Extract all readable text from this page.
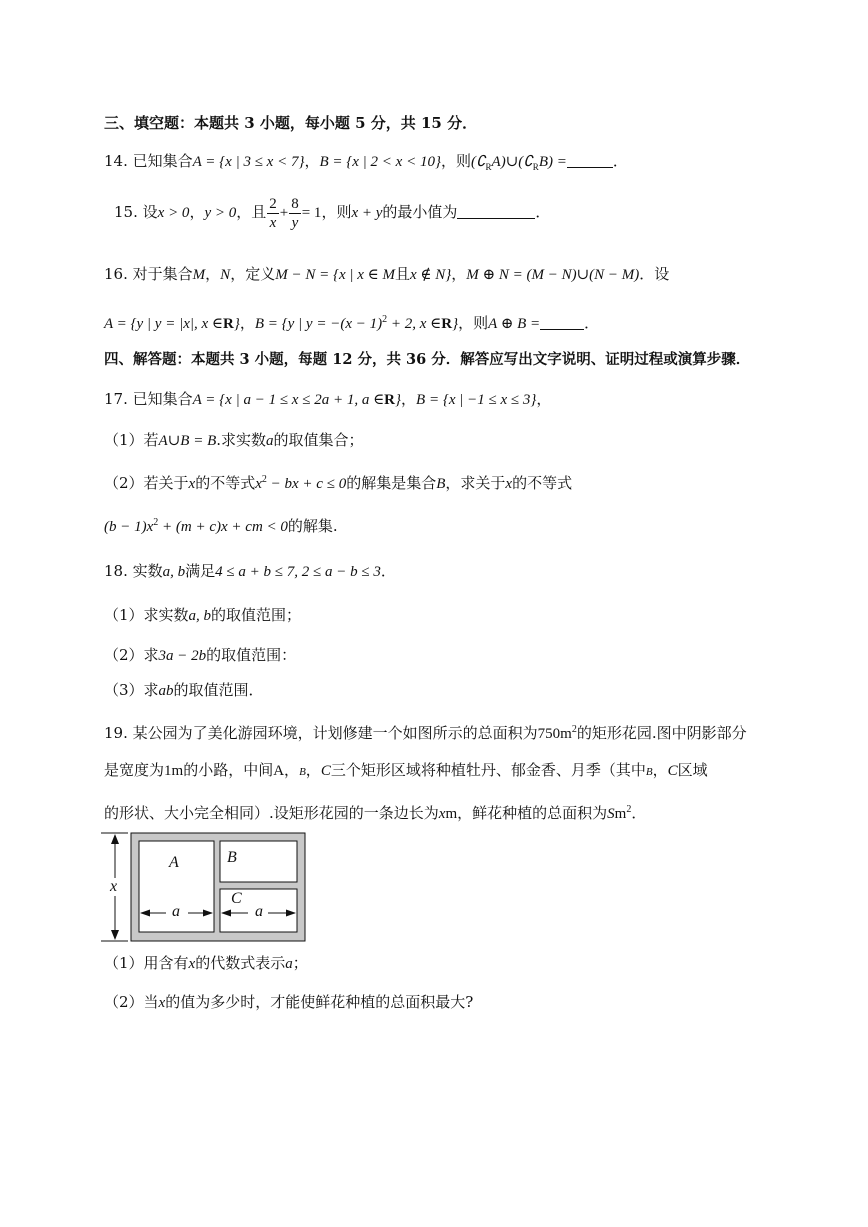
三、填空题：本题共 3 小题，每小题 5 分，共 15 分．
14. 已知集合A = {x | 3 ≤ x < 7}，B = {x | 2 < x < 10}，则$(∁_RA)\cup(∁_RB)$ =	．
15. 设x > 0，y > 0，且 $\frac{2}{x} + \frac{8}{y} = 1$，则x + y的最小值为	．
16. 对于集合M，N，定义M − N = {x | x ∈ M且x ∉ N}，M ⊕ N = (M − N)∪(N − M)．设
A = {y | y = |x|, x ∈R}，B = {y | $y = -(x - 1)^2 + 2$, x ∈R}，则A ⊕ B =	．
四、解答题：本题共 3 小题，每题 12 分，共 36 分．解答应写出文字说明、证明过程或演算步骤．
17. 已知集合A = {x | a − 1 ≤ x ≤ 2a + 1, a ∈R}，B = {x | −1 ≤ x ≤ 3}，
（1）若A∪B = B.求实数a的取值集合；
（2）若关于x的不等式$x^2$ − bx + c ≤ 0的解集是集合B，求关于x的不等式
$(b - 1)x^2 + (m + c)x$ + cm < 0的解集.
18. 实数a, b满足4 ≤ a + b ≤ 7, 2 ≤ a − b ≤ 3．
（1）求实数a, b的取值范围；
（2）求3a − 2b的取值范围：
（3）求ab的取值范围．
19. 某公园为了美化游园环境，计划修建一个如图所示的总面积为$750m^2$的矩形花园.图中阴影部分
是宽度为1m的小路，中间A，B，C三个矩形区域将种植牡丹、郁金香、月季（其中B，C区域
的形状、大小完全相同）.设矩形花园的一条边长为xm，鲜花种植的总面积为Sm$^2$．
A	B
C
x
a	a
（1）用含有x的代数式表示a；
（2）当x的值为多少时，才能使鲜花种植的总面积最大?
